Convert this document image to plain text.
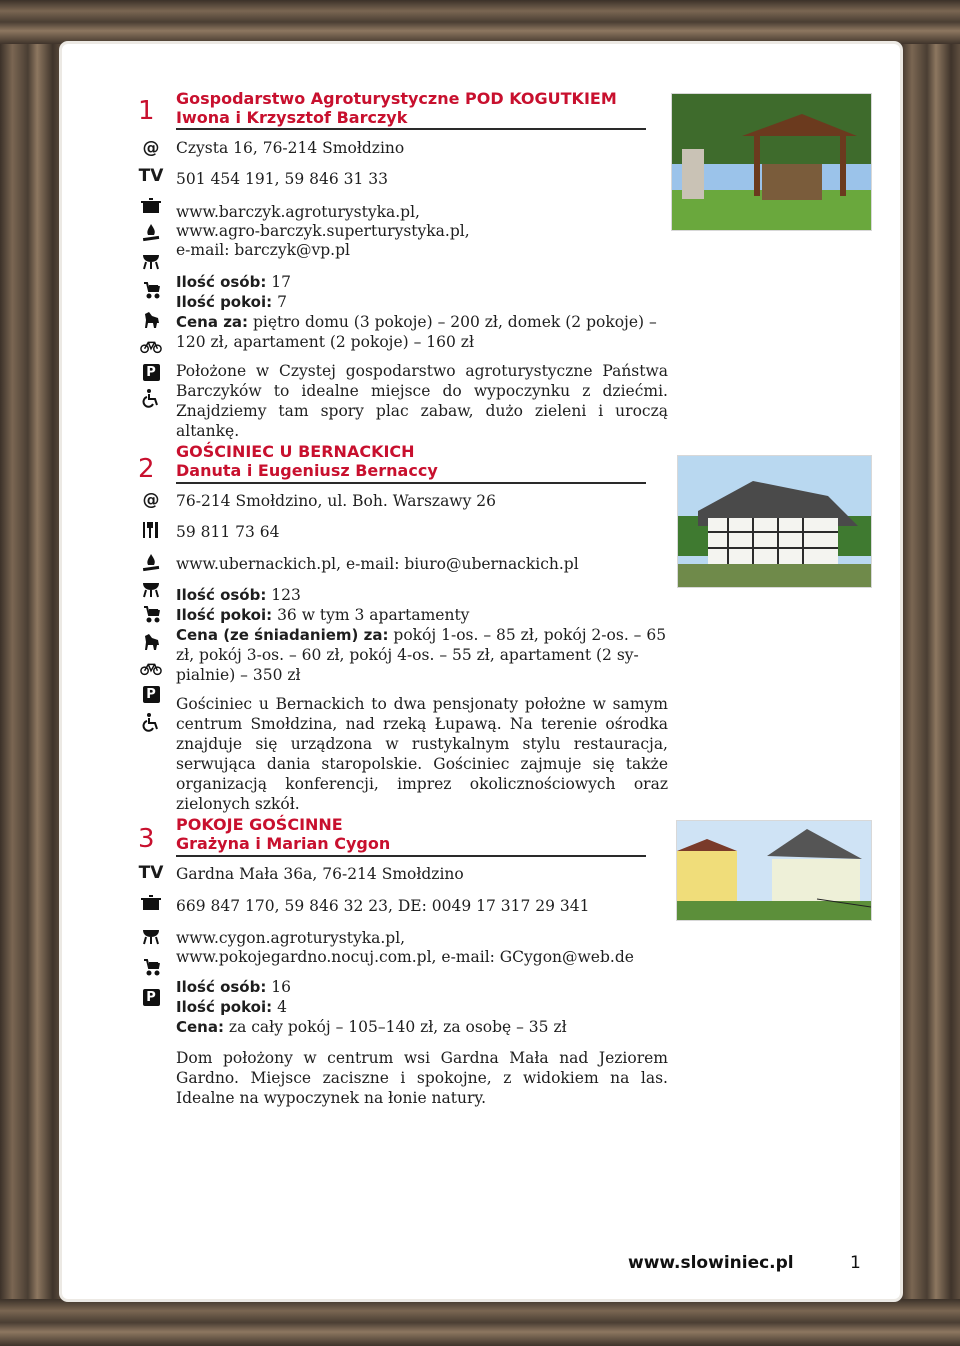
1 Gospodarstwo Agroturystyczne POD KOGUTKIEM
Iwona i Krzysztof Barczyk
@
TV
P
Czysta 16, 76-214 Smołdzino
501 454 191, 59 846 31 33
www.barczyk.agroturystyka.pl,
www.agro-barczyk.superturystyka.pl,
e-mail: barczyk@vp.pl
Ilość osób: 17
Ilość pokoi: 7
Cena za: piętro domu (3 pokoje) – 200 zł, domek (2 pokoje) –
120 zł, apartament (2 pokoje) – 160 zł
Położone w Czystej gospodarstwo agroturystyczne Państwa Barczyków to idealne miejsce do wypoczynku z dziećmi. Znajdziemy tam spory plac zabaw, dużo zieleni i uroczą altankę.
2
GOŚCINIEC U BERNACKICH
Danuta i Eugeniusz Bernaccy
@
P
76-214 Smołdzino, ul. Boh. Warszawy 26
59 811 73 64
www.ubernackich.pl, e-mail: biuro@ubernackich.pl
Ilość osób: 123
Ilość pokoi: 36 w tym 3 apartamenty
Cena (ze śniadaniem) za: pokój 1-os. – 85 zł, pokój 2-os. – 65
zł, pokój 3-os. – 60 zł, pokój 4-os. – 55 zł, apartament (2 sy-
pialnie) – 350 zł
Gościniec u Bernackich to dwa pensjonaty położne w samym centrum Smołdzina, nad rzeką Łupawą. Na terenie ośrodka znajduje się urządzona w rustykalnym stylu restauracja, serwująca dania staropolskie. Gościniec zajmuje się także organizacją konferencji, imprez okolicznościowych oraz zielonych szkół.
3 POKOJE GOŚCINNE
Grażyna i Marian Cygon
TV
P
Gardna Mała 36a, 76-214 Smołdzino
669 847 170, 59 846 32 23, DE: 0049 17 317 29 341
www.cygon.agroturystyka.pl,
www.pokojegardno.nocuj.com.pl, e-mail: GCygon@web.de
Ilość osób: 16
Ilość pokoi: 4
Cena: za cały pokój – 105–140 zł, za osobę – 35 zł
Dom położony w centrum wsi Gardna Mała nad Jeziorem Gardno. Miejsce zaciszne i spokojne, z widokiem na las. Idealne na wypoczynek na łonie natury.
www.slowiniec.pl	1
